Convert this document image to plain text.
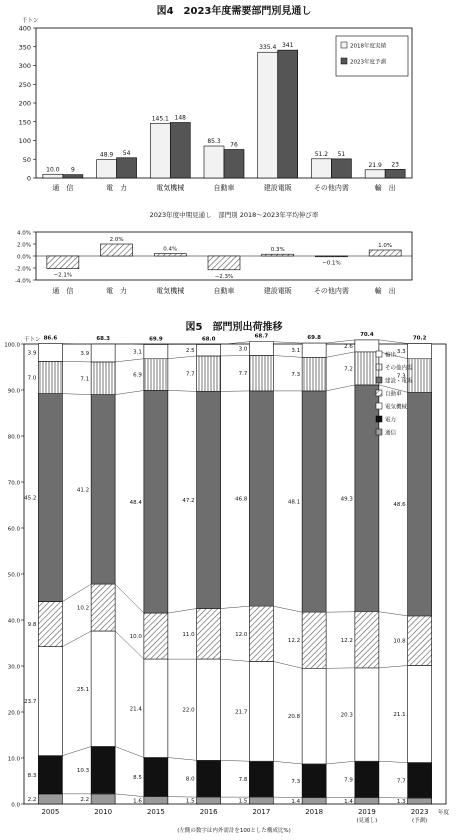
図4　2023年度需要部門別見通し
千トン
0
50
100
150
200
250
300
350
400
通　信	電　力	電気機械	自動車	建設電販	その他内需	輸　出
10.0 9
48.9 54
145.1 148
85.3 76
335.4 341
51.2 51
21.9 23
2018年度実績
2023年度予測
2023年度中期見通し　部門別 2018～2023年平均伸び率
4.0%
2.0%
0.0%
-2.0%
-4.0%
通　信	電　力	電気機械	自動車	建設電販	その他内需	輸　出
−2.1%
2.0%
0.4%
−2.3%
0.3%
−0.1%
1.0%
図5　部門別出荷推移
千トン
0.0
10.0
20.0
30.0
40.0
50.0
60.0
70.0
80.0
90.0
100.0
2005	2010	2015	2016	2017	2018	2019
(見通し)
2023
(予測)
年度
2.2
8.3
23.7
9.8
45.2
7.0
3.9
86.6
2.2
10.3
25.1
10.2
41.2
7.1
3.9
68.3
1.6
8.5
21.4
10.0
48.4
6.9
3.1
69.9
1.5
8.0
22.0
11.0
47.2
7.7
2.5
68.0
1.5
7.8
21.7
12.0
46.8
7.7
3.0
68.7
1.4
7.3
20.8
12.2
48.1
7.3
3.1
69.8
1.4
7.9
20.3
12.2
49.3
7.2
2.6
70.4
1.3
7.7
21.1
10.8
48.6
7.3
3.3
70.2
輸出
その他内需
建設・電販
自動車
電気機械
電力
通信
(左側の数字は内外需計を100とした構成比%)
